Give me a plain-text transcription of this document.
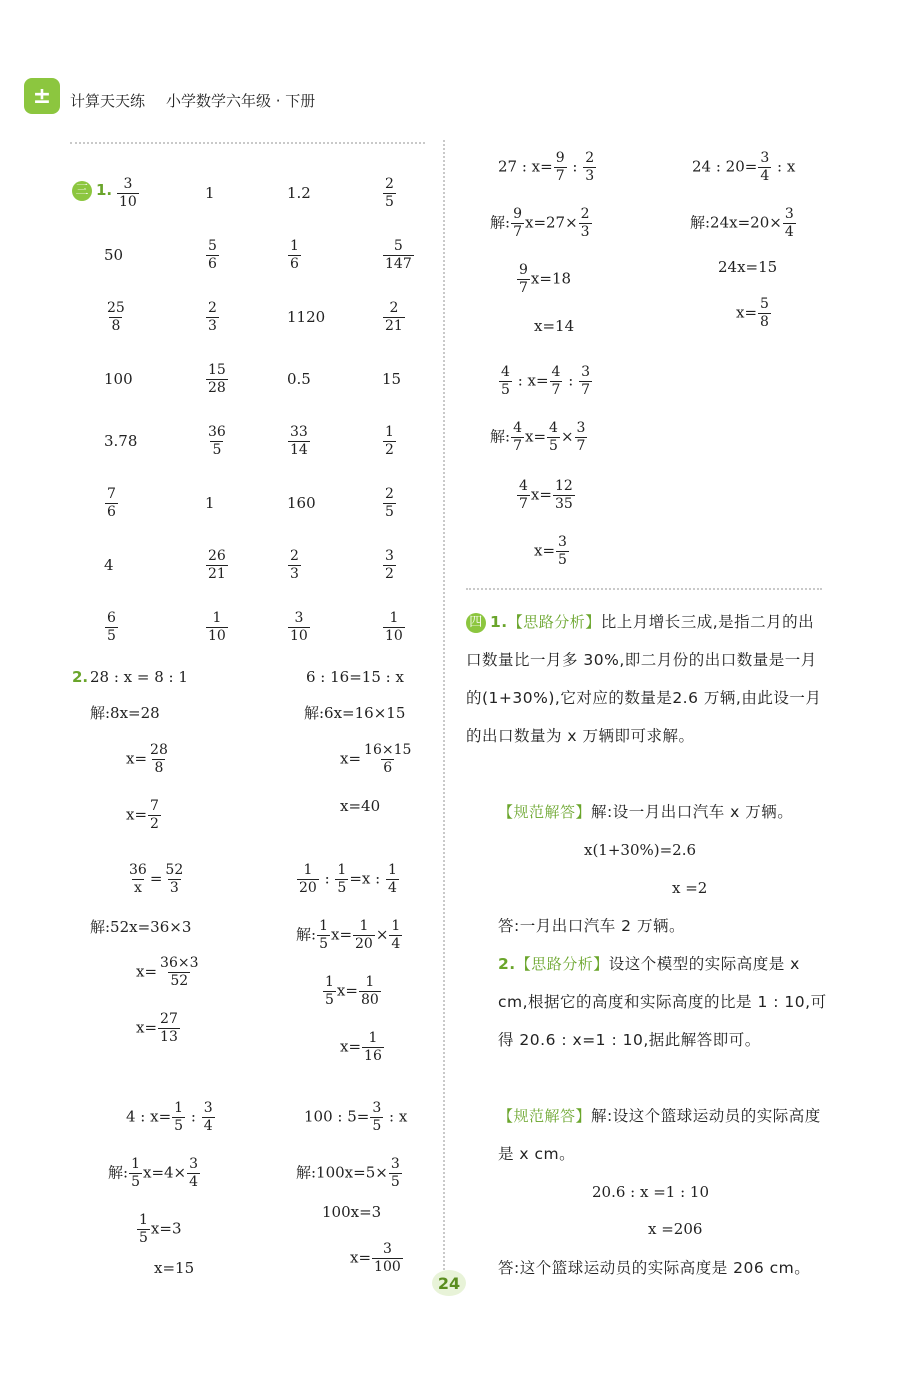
±	计算天天练 小学数学六年级 · 下册
三 1. $\frac{3}{10}$	1	1.2	$\frac{2}{5}$
50	$\frac{5}{6}$	$\frac{1}{6}$	$\frac{5}{147}$
$\frac{25}{8}$	$\frac{2}{3}$	1120	$\frac{2}{21}$
100	$\frac{15}{28}$	0.5	15
3.78	$\frac{36}{5}$	$\frac{33}{14}$	$\frac{1}{2}$
$\frac{7}{6}$	1	160	$\frac{2}{5}$
4	$\frac{26}{21}$	$\frac{2}{3}$	$\frac{3}{2}$
$\frac{6}{5}$	$\frac{1}{10}$	$\frac{3}{10}$	$\frac{1}{10}$
2. 28 : x = 8 : 1
解:8x=28
$x= \frac{28}{8}$
$x= \frac{7}{2}$
6 : 16=15 : x
解:6x=16×15
$x= \frac{16\times 15}{6}$
x=40
$\frac{36}{x} = \frac{52}{3}$
解:52x=36×3
$x= \frac{36\times 3}{52}$
$x= \frac{27}{13}$
$\frac{1}{20}$ : $\frac{1}{5} =x$ : $\frac{1}{4}$
解: $\frac{1}{5} x= \frac{1}{20} \times \frac{1}{4}$
$\frac{1}{5} x= \frac{1}{80}$
$x= \frac{1}{16}$
4 : $x= \frac{1}{5}$ : $\frac{3}{4}$
解: $\frac{1}{5} x=4\times \frac{3}{4}$
$\frac{1}{5} x=3$
x=15
100 : $5= \frac{3}{5}$ : x
解:100x=5× $\frac{3}{5}$
100x=3
$x= \frac{3}{100}$
27 : $x= \frac{9}{7}$ : $\frac{2}{3}$
解: $\frac{9}{7} x=27\times \frac{2}{3}$
$\frac{9}{7} x=18$
x=14
24 : $20= \frac{3}{4}$ : x
解:24x=20× $\frac{3}{4}$
24x=15
$x= \frac{5}{8}$
$\frac{4}{5}$ : $x= \frac{4}{7}$ : $\frac{3}{7}$
解: $\frac{4}{7} x= \frac{4}{5} \times \frac{3}{7}$
$\frac{4}{7} x= \frac{12}{35}$
$x= \frac{3}{5}$
四 1.【思路分析】比上月增长三成,是指二月的出口数量比一月多 30%,即二月份的出口数量是一月的(1+30%),它对应的数量是2.6 万辆,由此设一月的出口数量为 x 万辆即可求解。
【规范解答】解:设一月出口汽车 x 万辆。
x(1+30%)=2.6
x =2
答:一月出口汽车 2 万辆。
2.【思路分析】设这个模型的实际高度是 x cm,根据它的高度和实际高度的比是 1 : 10,可得 20.6 : x=1 : 10,据此解答即可。
【规范解答】解:设这个篮球运动员的实际高度是 x cm。
20.6 : x =1 : 10
x =206
答:这个篮球运动员的实际高度是 206 cm。
24
